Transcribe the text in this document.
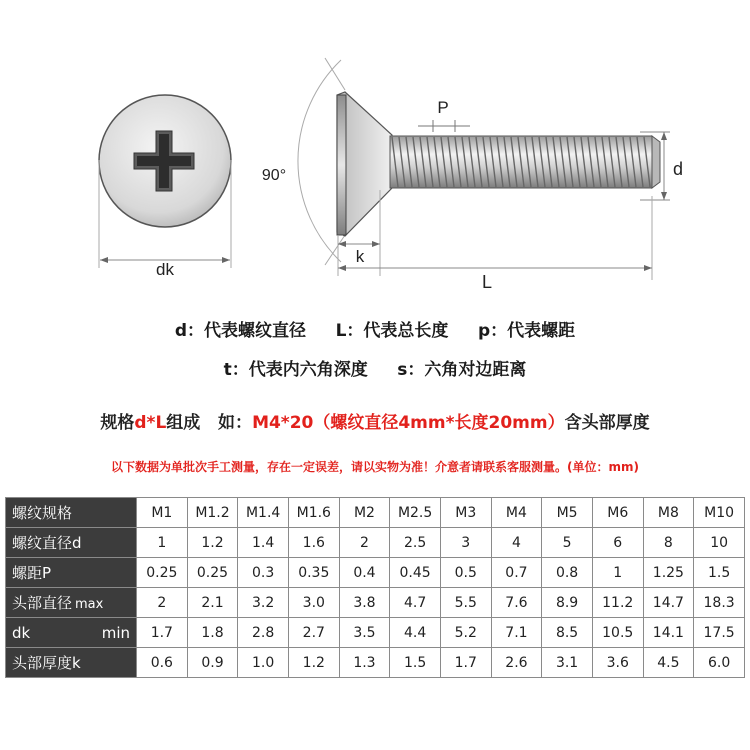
dk
P
90°	d
k
L
d：代表螺纹直径     L：代表总长度     p：代表螺距
t：代表内六角深度     s：六角对边距离
规格d*L组成   如：M4*20（螺纹直径4mm*长度20mm）含头部厚度
以下数据为单批次手工测量，存在一定误差，请以实物为准！介意者请联系客服测量。(单位：mm)
螺纹规格	M1	M1.2	M1.4	M1.6	M2	M2.5	M3	M4	M5	M6	M8	M10
螺纹直径d	1	1.2	1.4	1.6	2	2.5	3	4	5	6	8	10
螺距P	0.25	0.25	0.3	0.35	0.4	0.45	0.5	0.7	0.8	1	1.25	1.5
头部直径 max	2	2.1	3.2	3.0	3.8	4.7	5.5	7.6	8.9	11.2	14.7	18.3
dk min	1.7	1.8	2.8	2.7	3.5	4.4	5.2	7.1	8.5	10.5	14.1	17.5
头部厚度k	0.6	0.9	1.0	1.2	1.3	1.5	1.7	2.6	3.1	3.6	4.5	6.0
